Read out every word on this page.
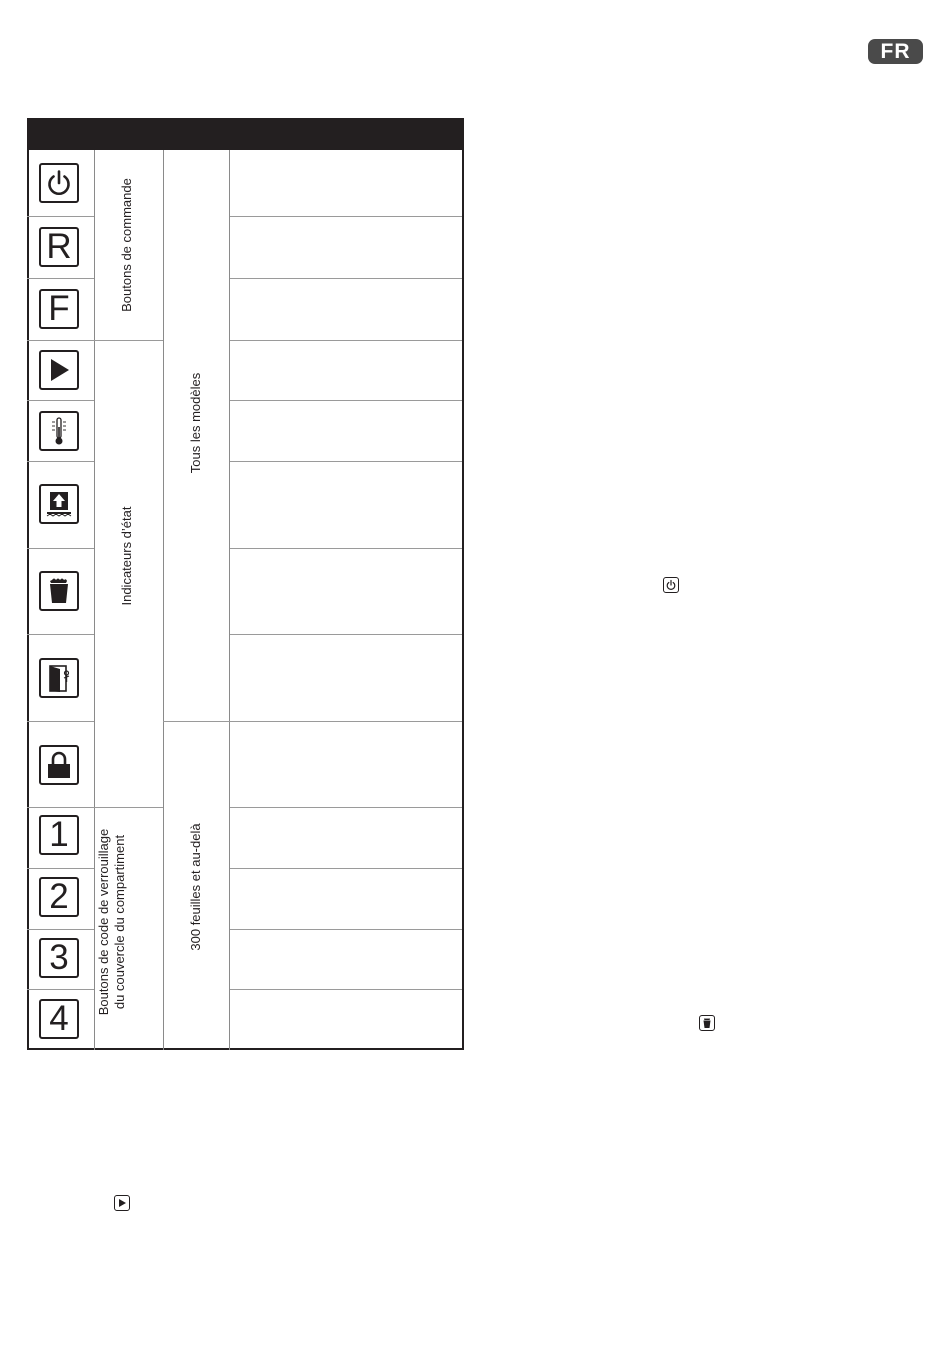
FR
R
F
1
2
3
4
Boutons de commande
Indicateurs d’état
Boutons de code de verrouillage du couvercle du compartiment
Tous les modèles
300 feuilles et au-delà
